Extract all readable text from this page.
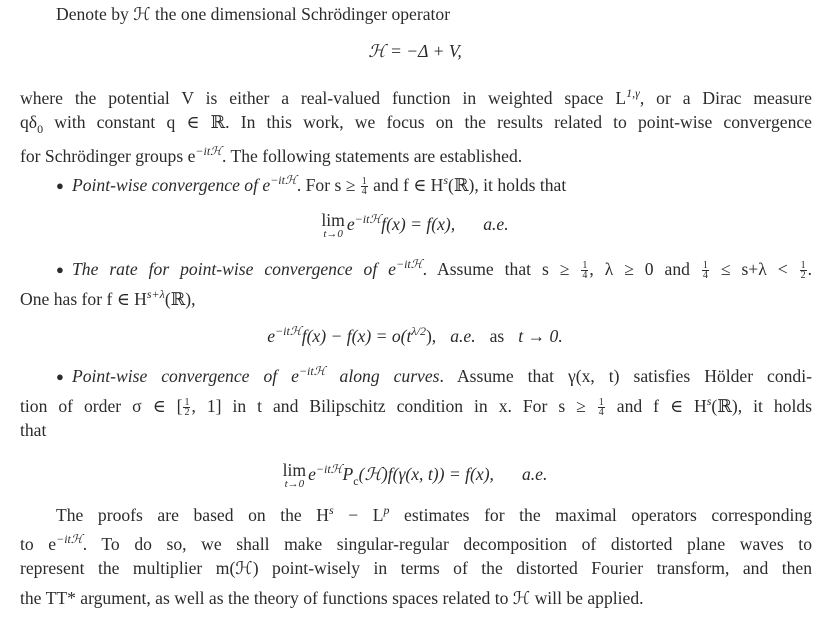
Denote by ℋ the one dimensional Schrödinger operator
ℋ = −Δ + V,
where the potential V is either a real-valued function in weighted space $L^{1,\gamma}$, or a Dirac measure
$q\delta_0$ with constant q ∈ ℝ. In this work, we focus on the results related to point-wise convergence
for Schrödinger groups $e^{-itℋ}$. The following statements are established.
● Point-wise convergence of $e^{-itℋ}$. For $s \ge \frac{1}{4}$ and f ∈ $H^s(ℝ)$, it holds that
lim
t→0 $e^{-itℋ}f(x) = f(x)$, a.e.
● The rate for point-wise convergence of $e^{-itℋ}$. Assume that $s \ge \frac{1}{4}$ , λ ≥ 0 and $\frac{1}{4} \le s+\lambda < \frac{1}{2}$ .
One has for f ∈ $H^{s+\lambda}(ℝ)$,
$e^{-itℋ}f(x) - f(x) = o(t^{\lambda/2})$, a.e. as t → 0.
● Point-wise convergence of $e^{-itℋ}$ along curves. Assume that γ(x, t) satisfies Hölder condi-
tion of order σ ∈ [ $\frac{1}{2}$ , 1] in t and Bilipschitz condition in x. For $s \ge \frac{1}{4}$ and f ∈ $H^s(ℝ)$, it holds
that
lim
t→0 $e^{-itℋ}P_c(ℋ)f(\gamma(x$, t)) = f(x), a.e.
The proofs are based on the $H^s - L^p$ estimates for the maximal operators corresponding
to $e^{-itℋ}$. To do so, we shall make singular-regular decomposition of distorted plane waves to
represent the multiplier m(ℋ) point-wisely in terms of the distorted Fourier transform, and then
the TT* argument, as well as the theory of functions spaces related to ℋ will be applied.
